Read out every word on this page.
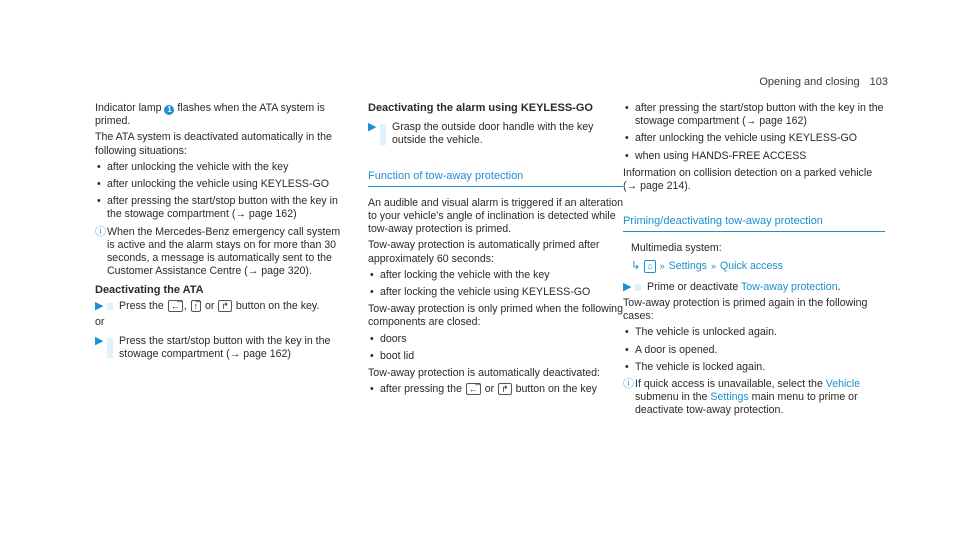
Opening and closing 103

Indicator lamp 1 flashes when the ATA system is primed.

The ATA system is deactivated automatically in the following situations:

• after unlocking the vehicle with the key
• after unlocking the vehicle using KEYLESS-GO
• after pressing the start/stop button with the key in the stowage compartment (→ page 162)
ⓘ When the Mercedes-Benz emergency call system is active and the alarm stays on for more than 30 seconds, a message is automatically sent to the Customer Assistance Centre (→ page 320).
Deactivating the ATA
▶ Press the ←̅ , ↑̅ or ↱ button on the key.

or

▶ Press the start/stop button with the key in the stowage compartment (→ page 162)
Deactivating the alarm using KEYLESS-GO
▶ Grasp the outside door handle with the key outside the vehicle.
Function of tow-away protection

An audible and visual alarm is triggered if an alteration to your vehicle's angle of inclination is detected while tow-away protection is primed.

Tow-away protection is automatically primed after approximately 60 seconds:

• after locking the vehicle with the key
• after locking the vehicle using KEYLESS-GO

Tow-away protection is only primed when the following components are closed:

• doors
• boot lid

Tow-away protection is automatically deactivated:

• after pressing the ←̅ or ↱ button on the key
• after pressing the start/stop button with the key in the stowage compartment (→ page 162)
• after unlocking the vehicle using KEYLESS-GO
• when using HANDS-FREE ACCESS

Information on collision detection on a parked vehicle (→ page 214).

Priming/deactivating tow-away protection

Multimedia system:

↳ ⌂ » Settings » Quick access
▶ Prime or deactivate Tow-away protection.

Tow-away protection is primed again in the following cases:

• The vehicle is unlocked again.
• A door is opened.
• The vehicle is locked again.
ⓘ If quick access is unavailable, select the Vehicle submenu in the Settings main menu to prime or deactivate tow-away protection.
